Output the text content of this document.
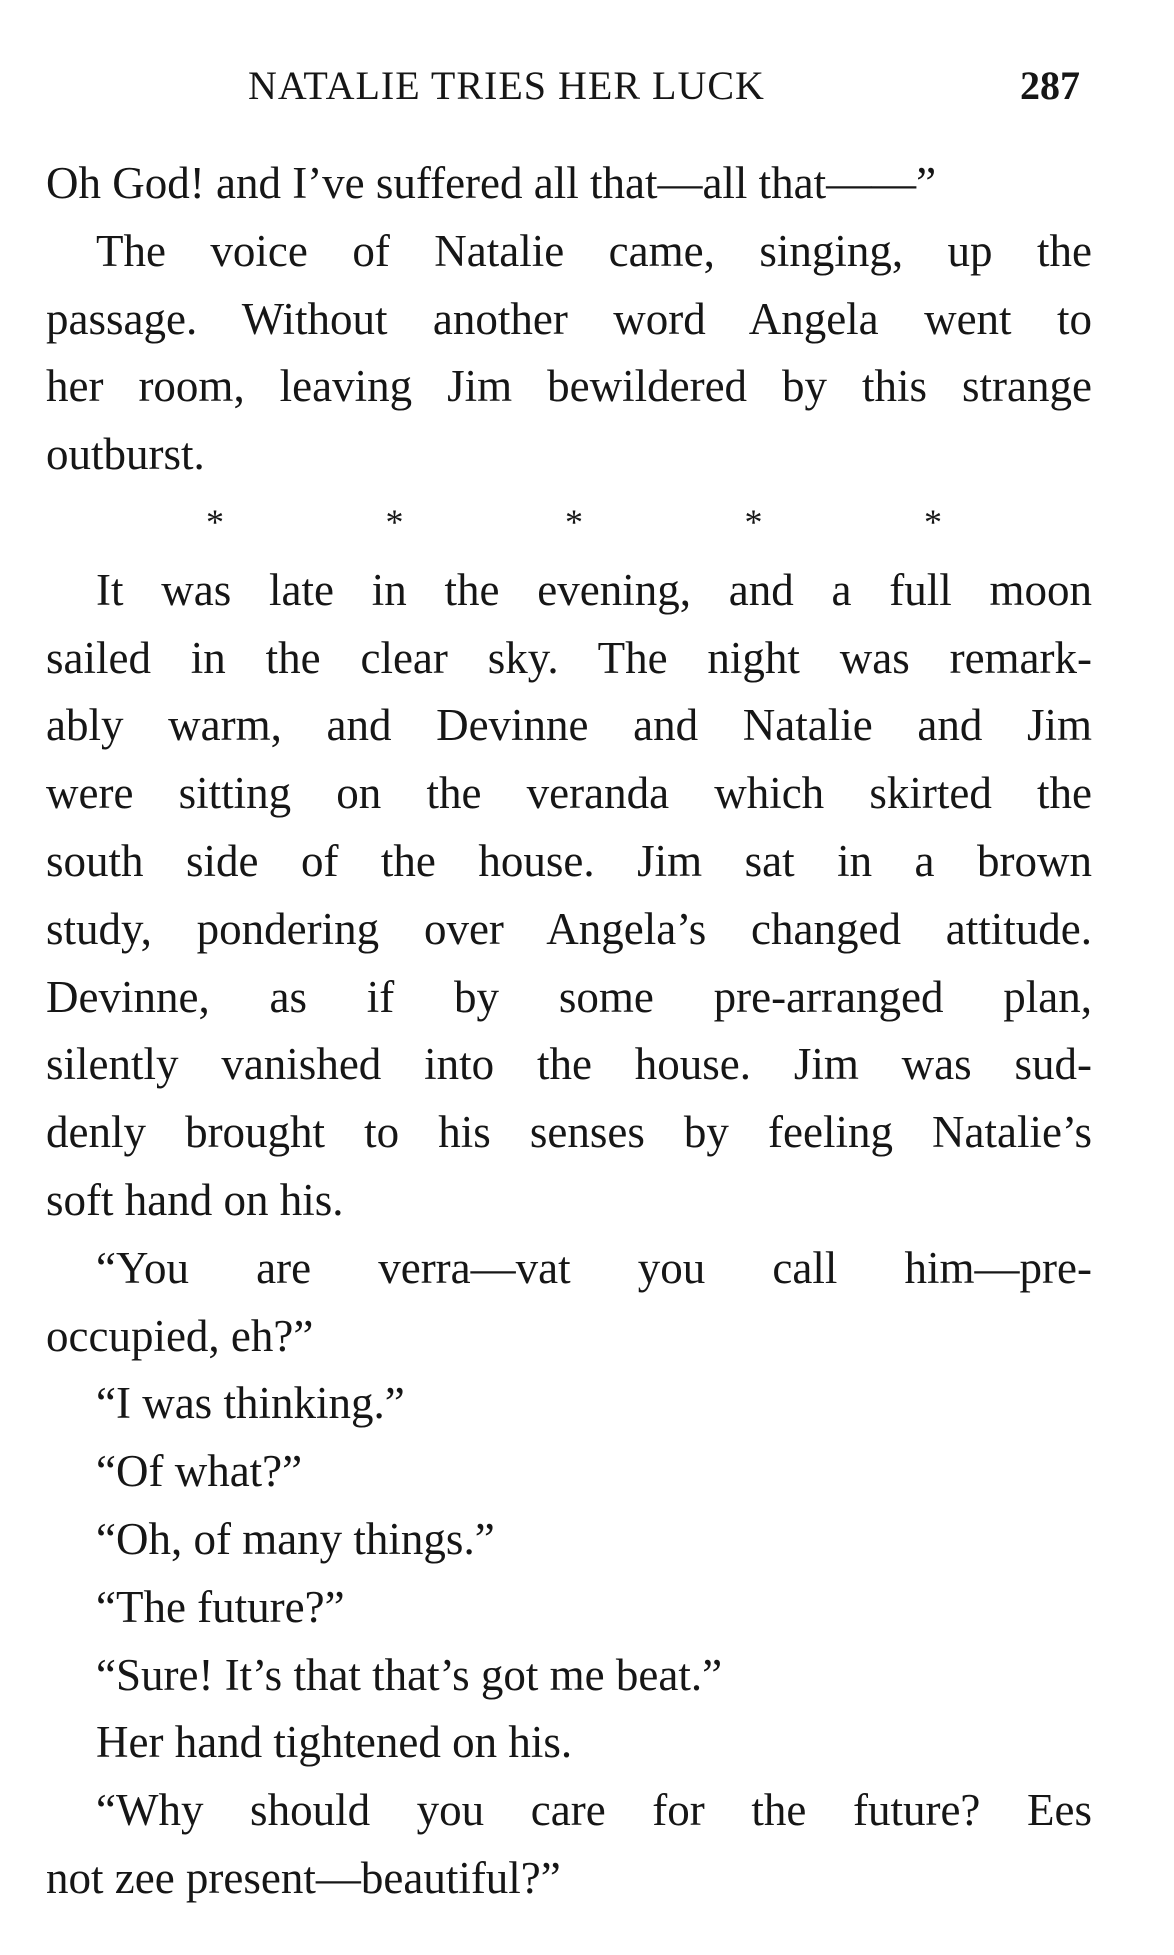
NATALIE TRIES HER LUCK	287
Oh God! and I’ve suffered all that—all that——”
The voice of Natalie came, singing, up the
passage. Without another word Angela went to
her room, leaving Jim bewildered by this strange
outburst.
*	*	*	*	*
It was late in the evening, and a full moon
sailed in the clear sky. The night was remark-
ably warm, and Devinne and Natalie and Jim
were sitting on the veranda which skirted the
south side of the house. Jim sat in a brown
study, pondering over Angela’s changed attitude.
Devinne, as if by some pre-arranged plan,
silently vanished into the house. Jim was sud-
denly brought to his senses by feeling Natalie’s
soft hand on his.
“You are verra—vat you call him—pre-
occupied, eh?”
“I was thinking.”
“Of what?”
“Oh, of many things.”
“The future?”
“Sure! It’s that that’s got me beat.”
Her hand tightened on his.
“Why should you care for the future? Ees
not zee present—beautiful?”
